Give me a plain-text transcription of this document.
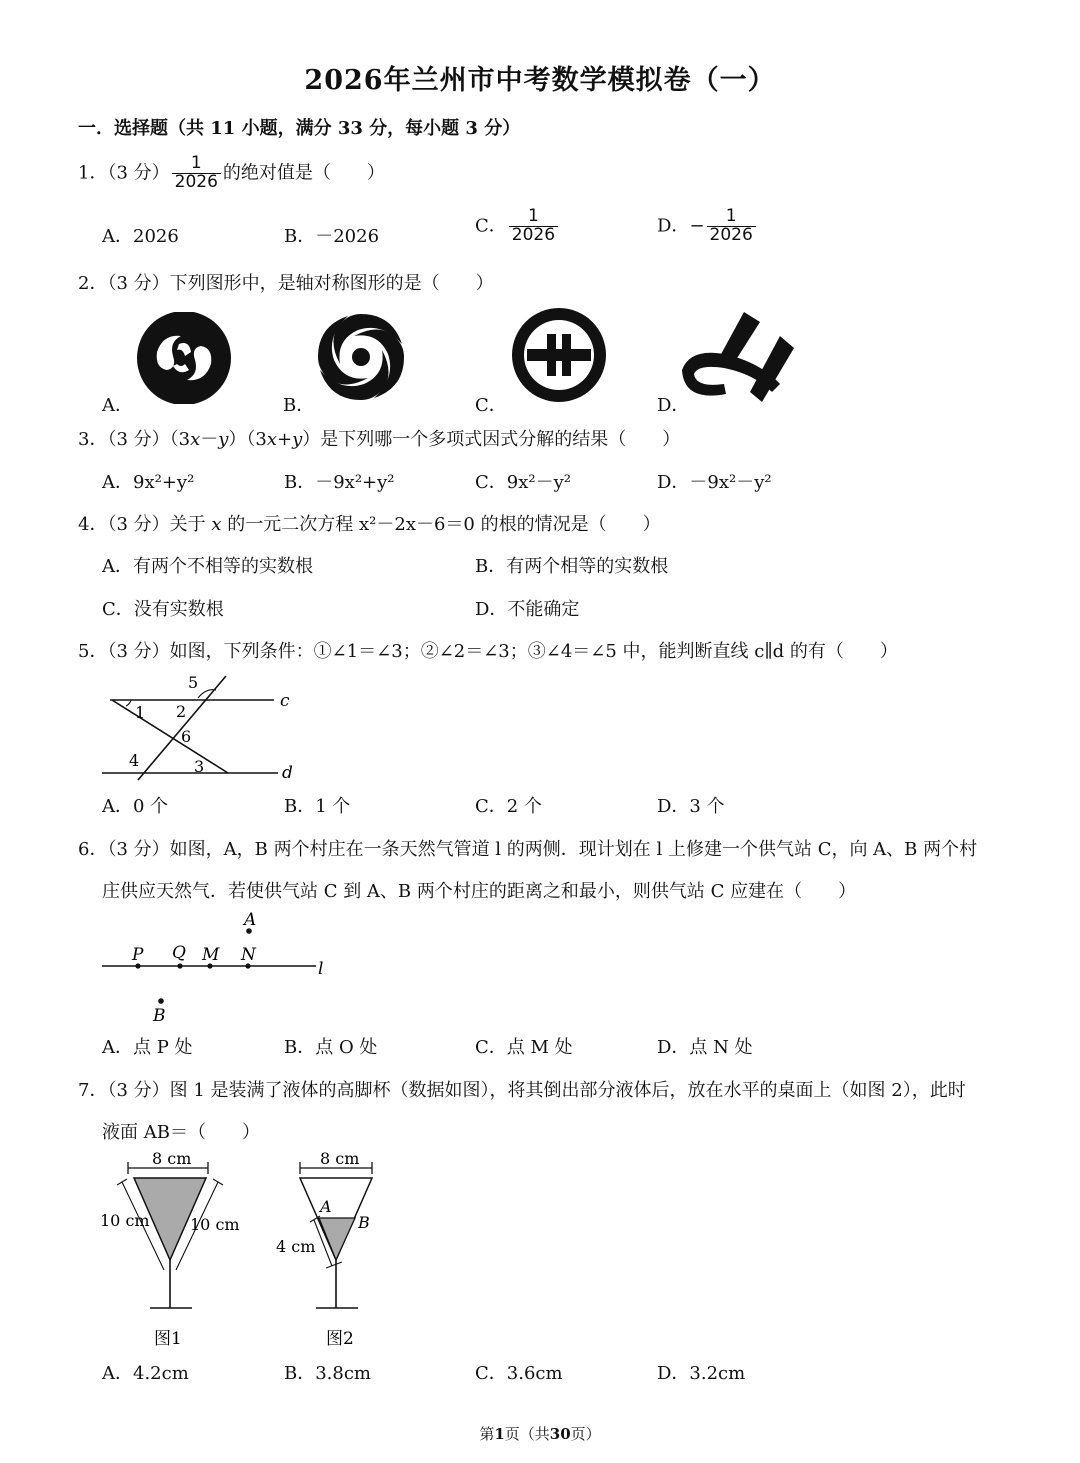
2026年兰州市中考数学模拟卷（一）
一．选择题（共 11 小题，满分 33 分，每小题 3 分）
1．（3 分） $\frac{1}{2026}$ 的绝对值是（　　）
A．2026	B．－2026
C． $\frac{1}{2026}$	D．− $\frac{1}{2026}$
2．（3 分）下列图形中，是轴对称图形的是（　　）
A．	B．	C．	D．
3．（3 分）（3x－y）（3x+y）是下列哪一个多项式因式分解的结果（　　）
A．9x²+y²	B．－9x²+y²	C．9x²－y²	D．－9x²－y²
4．（3 分）关于 x 的一元二次方程 x²－2x－6＝0 的根的情况是（　　）
A．有两个不相等的实数根	B．有两个相等的实数根
C．没有实数根	D．不能确定
5．（3 分）如图，下列条件：①∠1＝∠3；②∠2＝∠3；③∠4＝∠5 中，能判断直线 c∥d 的有（　　）
c
d
1 2
3
4
5
6
A．0 个	B．1 个	C．2 个	D．3 个
6．（3 分）如图，A，B 两个村庄在一条天然气管道 l 的两侧．现计划在 l 上修建一个供气站 C，向 A、B 两个村
庄供应天然气．若使供气站 C 到 A、B 两个村庄的距离之和最小，则供气站 C 应建在（　　）
P Q M N
A
B
l
A．点 P 处	B．点 O 处	C．点 M 处	D．点 N 处
7．（3 分）图 1 是装满了液体的高脚杯（数据如图），将其倒出部分液体后，放在水平的桌面上（如图 2），此时
液面 AB＝（　　）
8 cm
10 cm	10 cm
图1
8 cm
A
B
4 cm
图2
A．4.2cm	B．3.8cm	C．3.6cm	D．3.2cm
第1页（共30页）
